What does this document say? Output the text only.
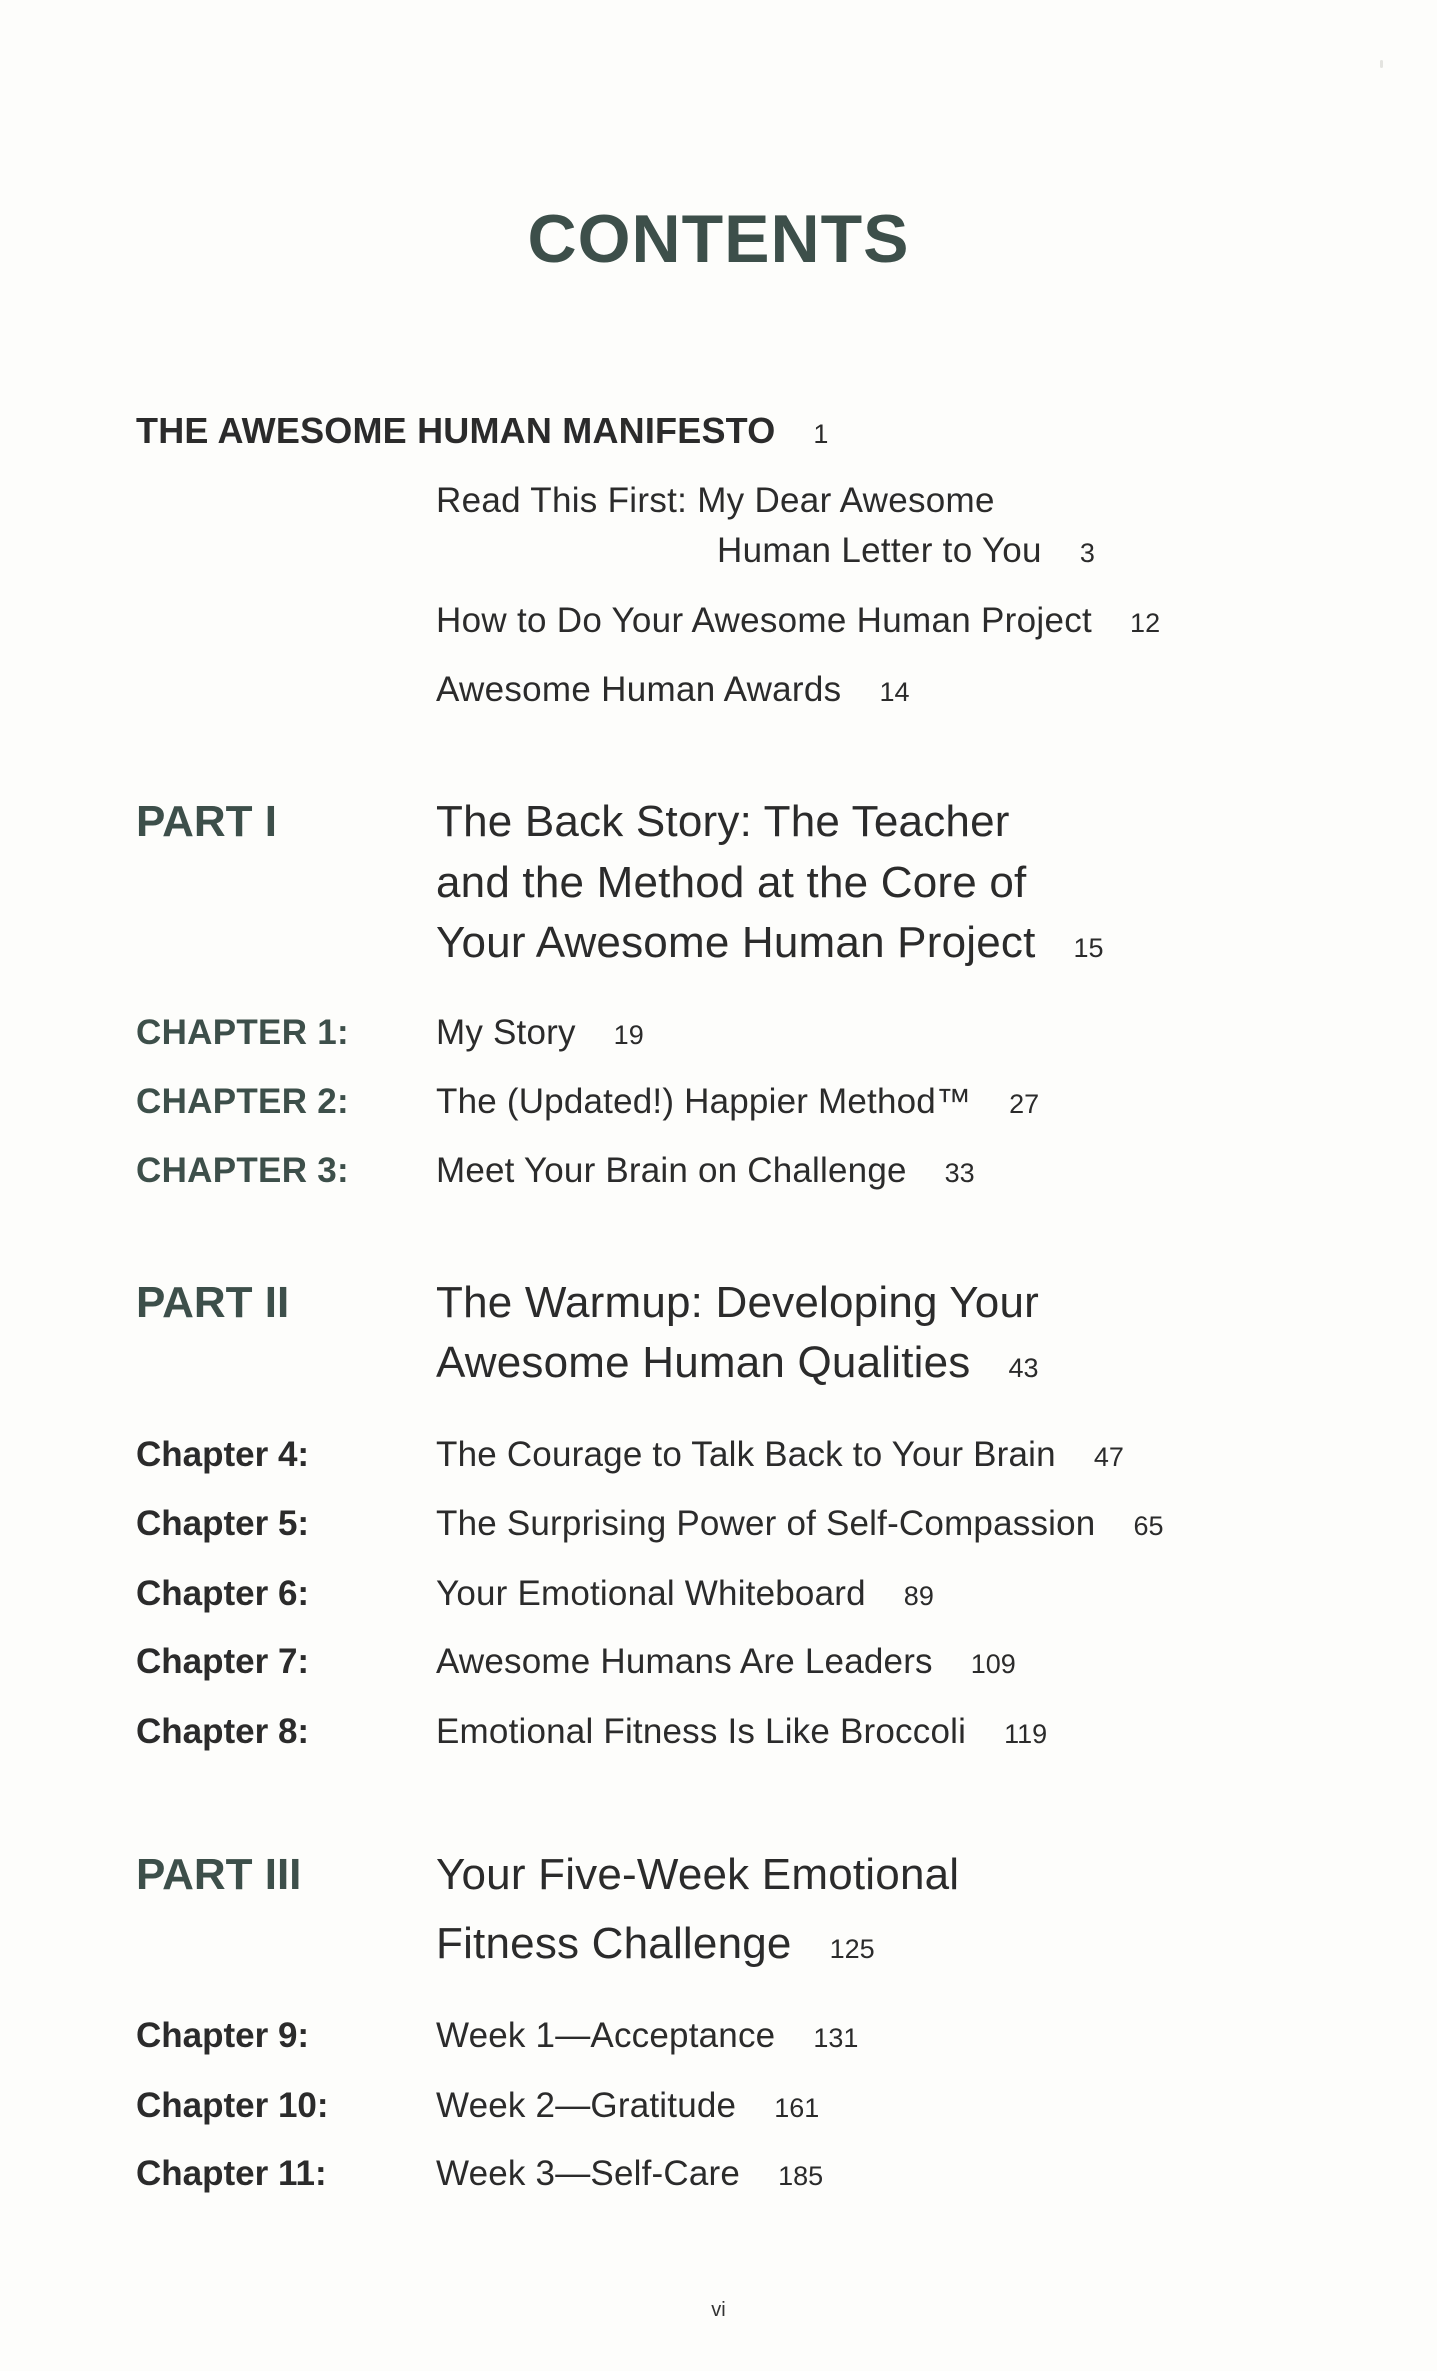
CONTENTS
THE AWESOME HUMAN MANIFESTO 1
Read This First: My Dear Awesome
Human Letter to You 3
How to Do Your Awesome Human Project 12
Awesome Human Awards 14
PART I	The Back Story: The Teacher
and the Method at the Core of
Your Awesome Human Project 15
CHAPTER 1: My Story 19
CHAPTER 2: The (Updated!) Happier Method™ 27
CHAPTER 3: Meet Your Brain on Challenge 33
PART II	The Warmup: Developing Your
Awesome Human Qualities 43
Chapter 4:	The Courage to Talk Back to Your Brain 47
Chapter 5:	The Surprising Power of Self-Compassion 65
Chapter 6:	Your Emotional Whiteboard 89
Chapter 7:	Awesome Humans Are Leaders 109
Chapter 8:	Emotional Fitness Is Like Broccoli 119
PART III	Your Five-Week Emotional
Fitness Challenge 125
Chapter 9:	Week 1—Acceptance 131
Chapter 10:	Week 2—Gratitude 161
Chapter 11:	Week 3—Self-Care 185
vi
